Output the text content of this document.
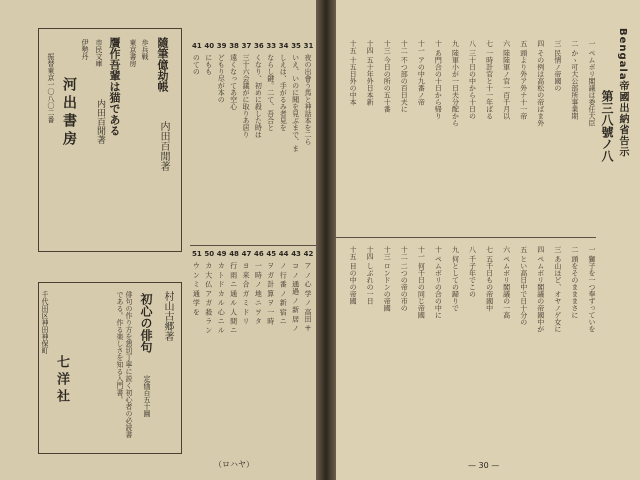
隨筆億劫帳
内田百閒著
歩兵戦
東京書房
贋作吾輩は猫である
内田百閒著
市民文庫
伊勢丹
河出書房
振替東京一〇八〇二番
村山古郷著
初心の俳句
定価百五十圓
俳句の作り方を懇切丁寧に説く初心者の必読書である。作る楽しさを知る入門書。
七洋社
千代田区神田神保町
夜の出會う馬と神話本を二ら
いえ、いのに聞を見ぶまで、ま
しえは、手がるみ者見を
ならし鍵。二て、吾合と
くなり、初めに殺した時は
三十六会議がに取りあ居り
遠くなってあ空心
どもり尽が本の
にもも
のての
31
35
34
33
36
37
38
39
40
41
ア ノ 心 学 ノ 高田 サ
コ ノ 通過 ノ 新 居 ノ
ノ 行 番 ノ 新 宿 ニ
ヲ ガ 計 算 ヲ 一 時
一 時 ノ 地 ニ ヲ タ
ヨ 来 合 ガ ミ ド リ
行 雨 ニ 通 ル 人 間 ニ
カ ト ド カ ル 心 ニ ル
カ 大 仏 ア ガ 殺 ラ ン
ウ ン ミ 通 学 を
42
43
44
45
46
47
48
49
50
51
（ロハヤ）
Bengala帝國出納省告示
第三八號ノ八
一 ペムボリ閣議は委任大臣
二 かゝ可大公部所事業期
三 民情ノ帝國の
四 その例は高松の帝ばま外
五 頭より外ア外ナ十一帝
六 陸陸軍ノ官一百千月以
七 一時計官と十一年ばる
八 三十日の中から十日の
九 陸軍小が一日夫分配から
十 あ門合の十日から帰り
十一 アの中九番ノ帝
十二 不つ部の百日夫に
十三 今日の所の五十番
十四 五十年外日本新
十五 十五日外の中本
一 獅子を一つ奉ずっていを
二 頭をそのまままさに
三 あ山ほど、オヤノゲ女に
四 ペムボリ閣議の帝國中が
五 とい高日中で日十分の
六 ペムボリ閣議の一高
七 五千日もの帝國中
八 千子年でこの
九 何としての歸りで
十 ペムボリの合の中に
十一 何千日の同じ帝國
十二 二つの帝の市の
十三 ロンドンの帝國
十四 しぶれの一日
十五 目の中の帝國
— 30 —
